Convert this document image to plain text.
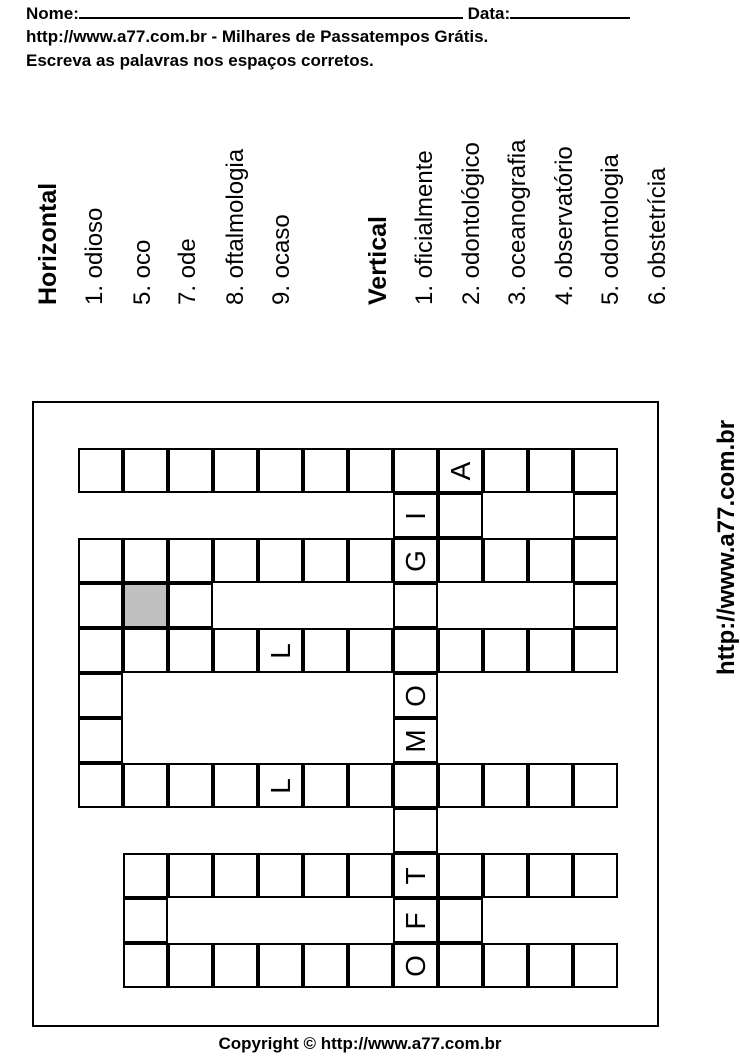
Nome:	Data:
http://www.a77.com.br - Milhares de Passatempos Grátis.
Escreva as palavras nos espaços corretos.
Horizontal 1. odioso 5. oco 7. ode 8. oftalmologia 9. ocaso	Vertical 1. oficialmente 2. odontológico 3. oceanografia 4. observatório 5. odontologia 6. obstetrícia
A
I
G
L
O
M
L
T
F
O
http://www.a77.com.br
Copyright © http://www.a77.com.br
